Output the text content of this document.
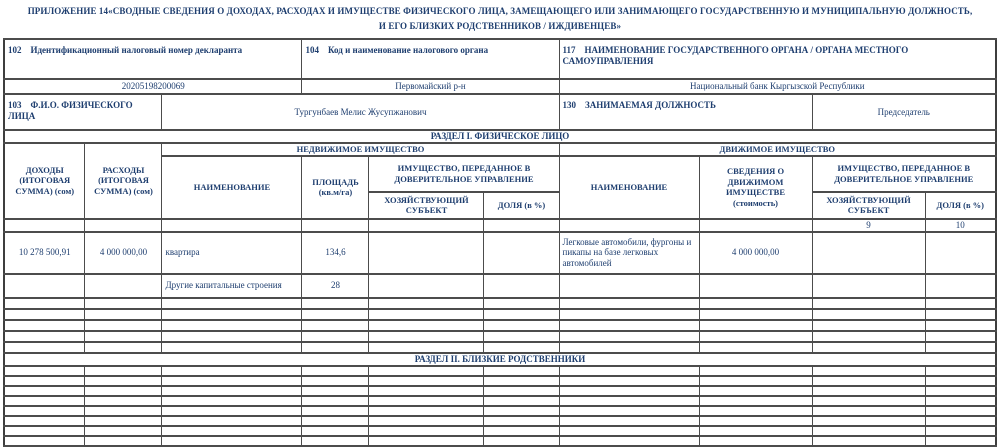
ПРИЛОЖЕНИЕ 14«СВОДНЫЕ СВЕДЕНИЯ О ДОХОДАХ, РАСХОДАХ И ИМУЩЕСТВЕ ФИЗИЧЕСКОГО ЛИЦА, ЗАМЕЩАЮЩЕГО ИЛИ ЗАНИМАЮЩЕГО ГОСУДАРСТВЕННУЮ И МУНИЦИПАЛЬНУЮ ДОЛЖНОСТЬ,
И ЕГО БЛИЗКИХ РОДСТВЕННИКОВ / ИЖДИВЕНЦЕВ»
102 Идентификационный налоговый номер декларанта			104 Код и наименование налогового органа			117 НАИМЕНОВАНИЕ ГОСУДАРСТВЕННОГО ОРГАНА / ОРГАНА МЕСТНОГО САМОУПРАВЛЕНИЯ			
20205198200069			Первомайский р-н			Национальный банк Кыргызской Республики			
103 Ф.И.О. ФИЗИЧЕСКОГО ЛИЦА		Тургунбаев Мелис Жусупжанович				130 ЗАНИМАЕМАЯ ДОЛЖНОСТЬ		Председатель	
РАЗДЕЛ I. ФИЗИЧЕСКОЕ ЛИЦО									
ДОХОДЫ (ИТОГОВАЯ СУММА) (сом)	РАСХОДЫ (ИТОГОВАЯ СУММА) (сом)	НЕДВИЖИМОЕ ИМУЩЕСТВО				ДВИЖИМОЕ ИМУЩЕСТВО			
		НАИМЕНОВАНИЕ	ПЛОЩАДЬ (кв.м/га)	ИМУЩЕСТВО, ПЕРЕДАННОЕ В ДОВЕРИТЕЛЬНОЕ УПРАВЛЕНИЕ		НАИМЕНОВАНИЕ	СВЕДЕНИЯ О ДВИЖИМОМ ИМУЩЕСТВЕ (стоимость)	ИМУЩЕСТВО, ПЕРЕДАННОЕ В ДОВЕРИТЕЛЬНОЕ УПРАВЛЕНИЕ	
				ХОЗЯЙСТВУЮЩИЙ СУБЪЕКТ	ДОЛЯ (в %)			ХОЗЯЙСТВУЮЩИЙ СУБЪЕКТ	ДОЛЯ (в %)
								9	10
10 278 500,91	4 000 000,00	квартира	134,6			Легковые автомобили, фургоны и пикапы на базе легковых автомобилей	4 000 000,00		
		Другие капитальные строения	28						

РАЗДЕЛ II. БЛИЗКИЕ РОДСТВЕННИКИ									
